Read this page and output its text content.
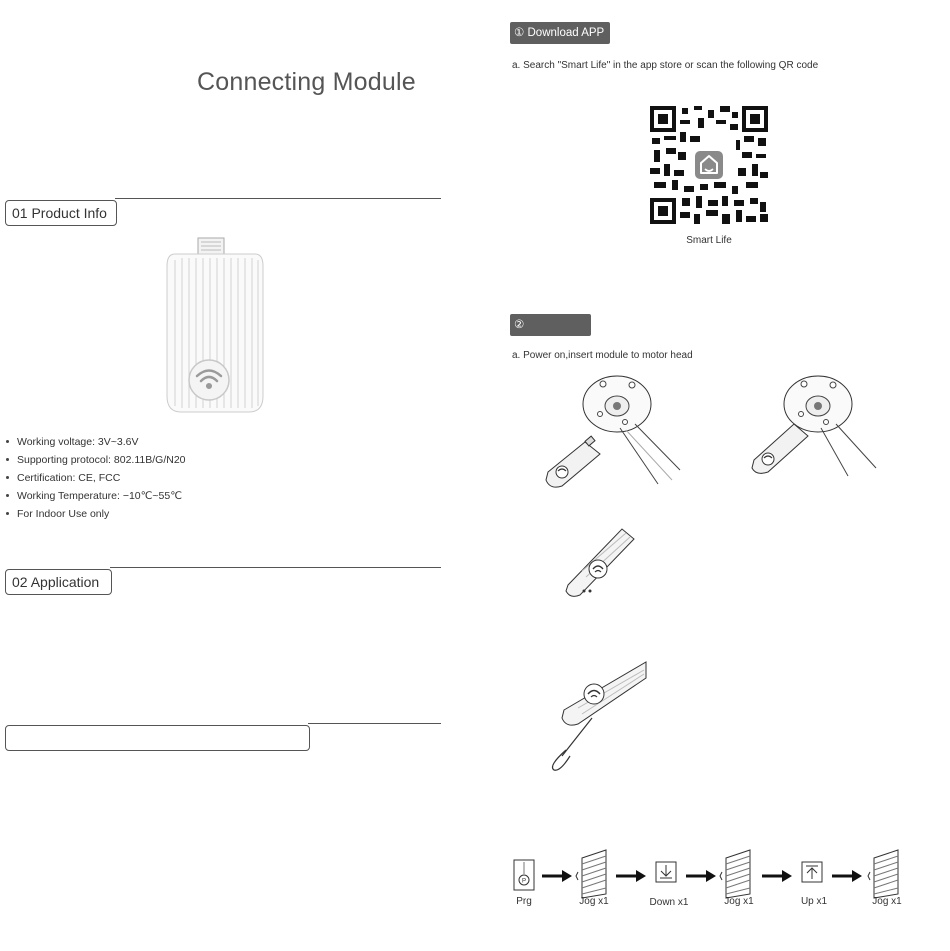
Connecting Module
01 Product Info
Working voltage: 3V~3.6V
Supporting protocol: 802.11B/G/N20
Certification: CE, FCC
Working Temperature: −10℃~55℃
For Indoor Use only
02 Application
① Download APP
a. Search "Smart Life" in the app store or scan the following QR code
Smart Life
②
a. Power on,insert module to motor head
P
Prg	Jog x1	Down x1	Jog x1	Up x1	Jog x1
